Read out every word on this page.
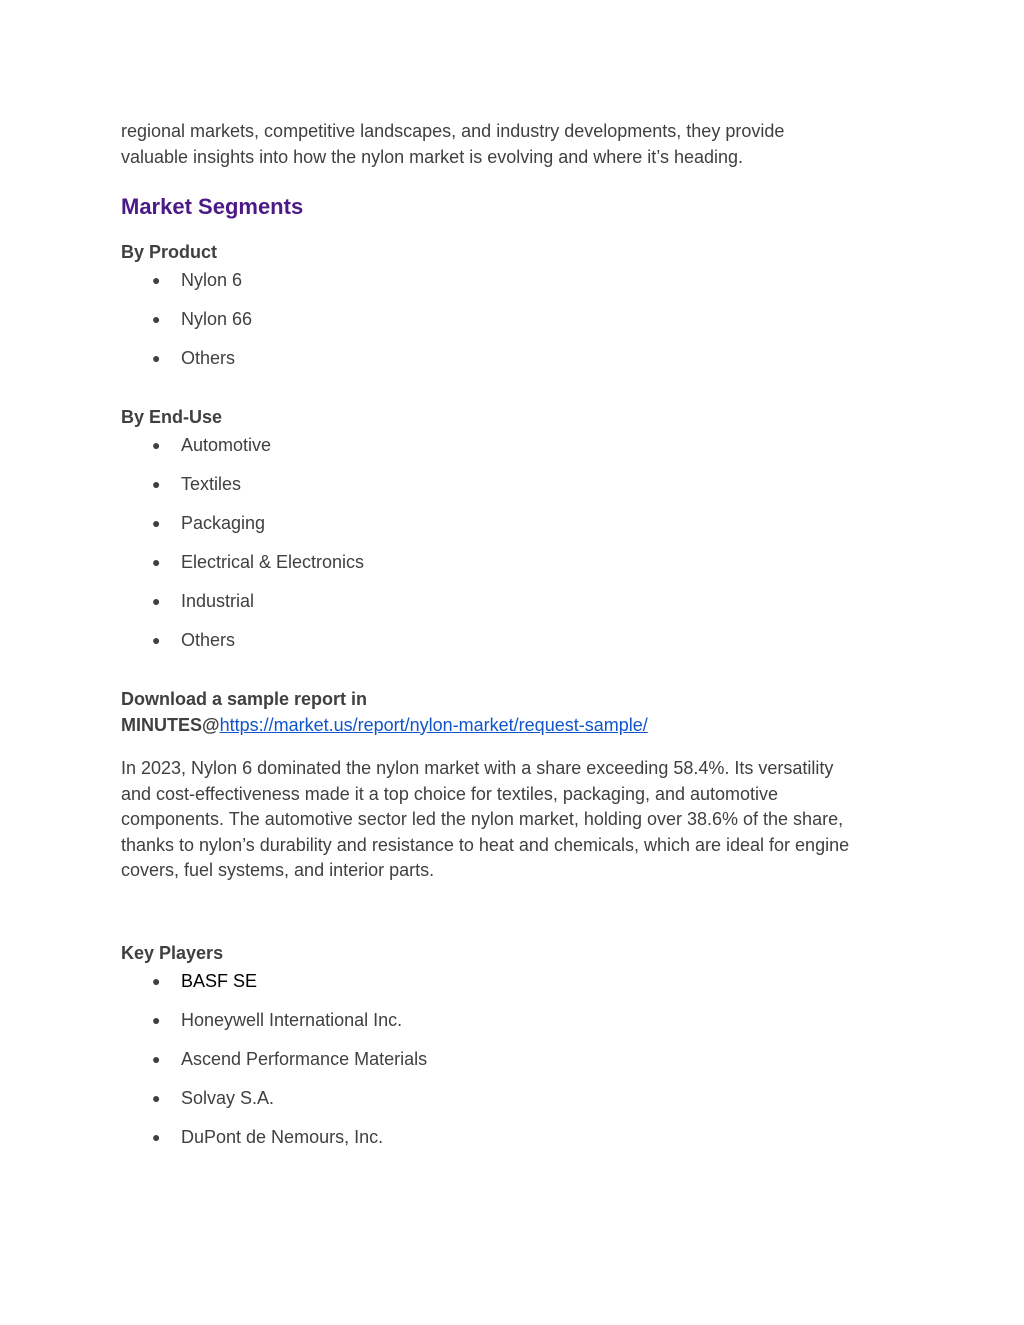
regional markets, competitive landscapes, and industry developments, they provide
valuable insights into how the nylon market is evolving and where it’s heading.

Market Segments
By Product
● Nylon 6
● Nylon 66
● Others
By End-Use
● Automotive
● Textiles
● Packaging
● Electrical & Electronics
● Industrial
● Others

Download a sample report in
MINUTES@https://market.us/report/nylon-market/request-sample/

In 2023, Nylon 6 dominated the nylon market with a share exceeding 58.4%. Its versatility
and cost-effectiveness made it a top choice for textiles, packaging, and automotive
components. The automotive sector led the nylon market, holding over 38.6% of the share,
thanks to nylon’s durability and resistance to heat and chemicals, which are ideal for engine
covers, fuel systems, and interior parts.

Key Players
● BASF SE
● Honeywell International Inc.
● Ascend Performance Materials
● Solvay S.A.
● DuPont de Nemours, Inc.
